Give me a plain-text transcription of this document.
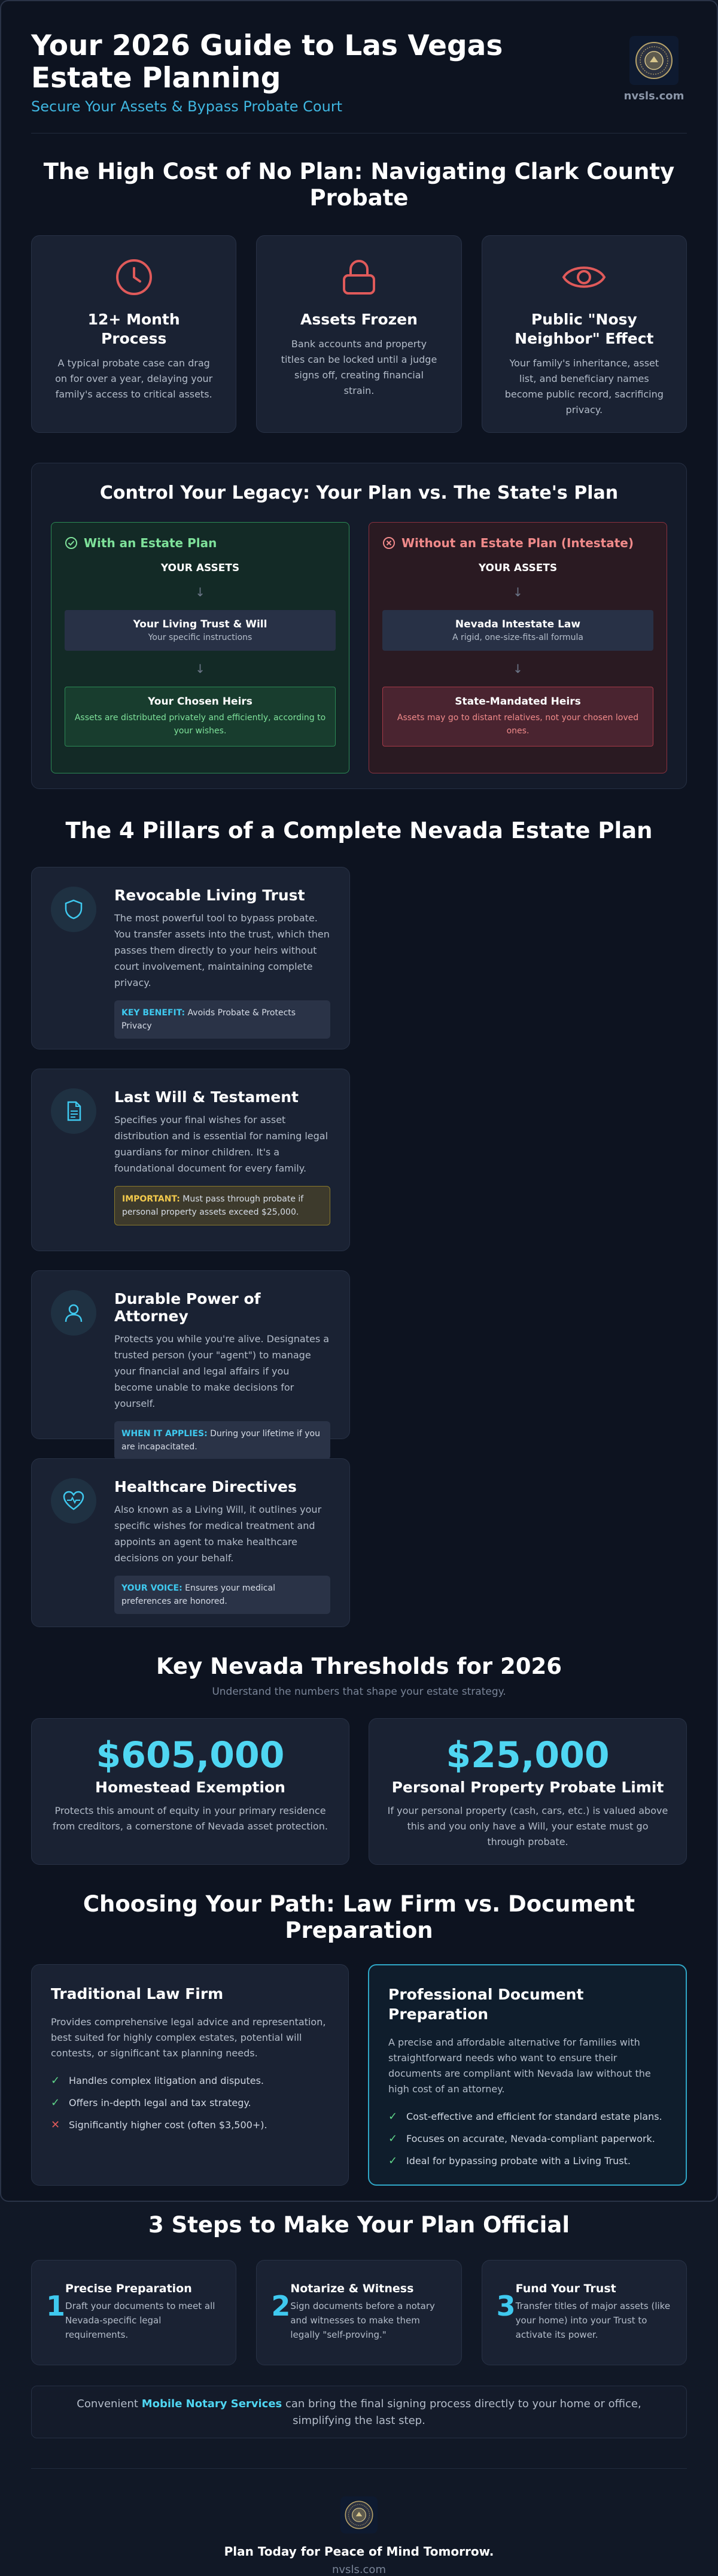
Your 2026 Guide to Las Vegas Estate Planning
Secure Your Assets & Bypass Probate Court
nvsls.com
The High Cost of No Plan: Navigating Clark County Probate
12+ Month Process

A typical probate case can drag on for over a year, delaying your family's access to critical assets.

Assets Frozen

Bank accounts and property titles can be locked until a judge signs off, creating financial strain.

Public "Nosy Neighbor" Effect

Your family's inheritance, asset list, and beneficiary names become public record, sacrificing privacy.

Control Your Legacy: Your Plan vs. The State's Plan
With an Estate Plan
YOUR ASSETS
↓
Your Living Trust & Will
Your specific instructions
↓
Your Chosen Heirs
Assets are distributed privately and efficiently, according to your wishes.
Without an Estate Plan (Intestate)
YOUR ASSETS
↓
Nevada Intestate Law
A rigid, one-size-fits-all formula
↓
State-Mandated Heirs
Assets may go to distant relatives, not your chosen loved ones.
The 4 Pillars of a Complete Nevada Estate Plan
Revocable Living Trust

The most powerful tool to bypass probate. You transfer assets into the trust, which then passes them directly to your heirs without court involvement, maintaining complete privacy.

KEY BENEFIT: Avoids Probate & Protects Privacy
Last Will & Testament

Specifies your final wishes for asset distribution and is essential for naming legal guardians for minor children. It's a foundational document for every family.

IMPORTANT: Must pass through probate if personal property assets exceed $25,000.
Durable Power of Attorney

Protects you while you're alive. Designates a trusted person (your "agent") to manage your financial and legal affairs if you become unable to make decisions for yourself.

WHEN IT APPLIES: During your lifetime if you are incapacitated.
Healthcare Directives

Also known as a Living Will, it outlines your specific wishes for medical treatment and appoints an agent to make healthcare decisions on your behalf.

YOUR VOICE: Ensures your medical preferences are honored.
Key Nevada Thresholds for 2026
Understand the numbers that shape your estate strategy.
$605,000
Homestead Exemption

Protects this amount of equity in your primary residence from creditors, a cornerstone of Nevada asset protection.

$25,000
Personal Property Probate Limit

If your personal property (cash, cars, etc.) is valued above this and you only have a Will, your estate must go through probate.

Choosing Your Path: Law Firm vs. Document Preparation
Traditional Law Firm

Provides comprehensive legal advice and representation, best suited for highly complex estates, potential will contests, or significant tax planning needs.

✓ Handles complex litigation and disputes.
✓ Offers in-depth legal and tax strategy.
✕ Significantly higher cost (often $3,500+).
Professional Document Preparation

A precise and affordable alternative for families with straightforward needs who want to ensure their documents are compliant with Nevada law without the high cost of an attorney.

✓ Cost-effective and efficient for standard estate plans.
✓ Focuses on accurate, Nevada-compliant paperwork.
✓ Ideal for bypassing probate with a Living Trust.
3 Steps to Make Your Plan Official
1
Precise Preparation

Draft your documents to meet all Nevada-specific legal requirements.

2
Notarize & Witness

Sign documents before a notary and witnesses to make them legally "self-proving."

3
Fund Your Trust

Transfer titles of major assets (like your home) into your Trust to activate its power.

Convenient Mobile Notary Services can bring the final signing process directly to your home or office, simplifying the last step.
Plan Today for Peace of Mind Tomorrow.
nvsls.com
